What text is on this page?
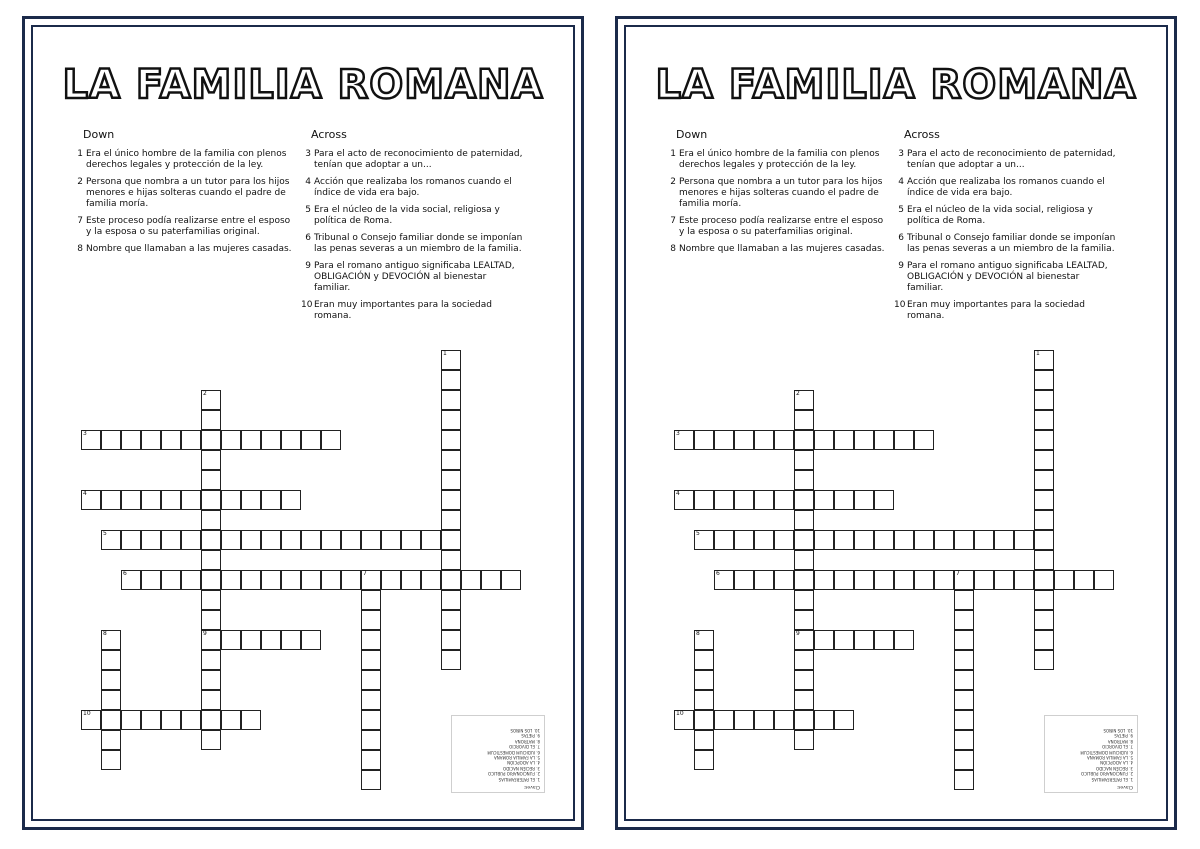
LA FAMILIA ROMANA
Down
1 Era el único hombre de la familia con plenos derechos legales y protección de la ley.
2 Persona que nombra a un tutor para los hijos menores e hijas solteras cuando el padre de familia moría.
7 Este proceso podía realizarse entre el esposo y la esposa o su paterfamilias original.
8 Nombre que llamaban a las mujeres casadas.
Across
3 Para el acto de reconocimiento de paternidad, tenían que adoptar a un...
4 Acción que realizaba los romanos cuando el índice de vida era bajo.
5 Era el núcleo de la vida social, religiosa y política de Roma.
6 Tribunal o Consejo familiar donde se imponían las penas severas a un miembro de la familia.
9 Para el romano antiguo significaba LEALTAD, OBLIGACIÓN y DEVOCIÓN al bienestar familiar.
10 Eran muy importantes para la sociedad romana.
1
2
9
3
4
5
6	7
8
10
Claves:
1. EL PATERFAMILIAS
2. FUNCIONARIO PÚBLICO
3. RECIÉN NACIDO
4. LA ADOPCIÓN
5. LA FAMILIA ROMANA
6. IUDICIUM DOMESTICUM
7. EL DIVORCIO
8. MATRONA
9. PIETAS
10. LOS NIÑOS
LA FAMILIA ROMANA
Down
1 Era el único hombre de la familia con plenos derechos legales y protección de la ley.
2 Persona que nombra a un tutor para los hijos menores e hijas solteras cuando el padre de familia moría.
7 Este proceso podía realizarse entre el esposo y la esposa o su paterfamilias original.
8 Nombre que llamaban a las mujeres casadas.
Across
3 Para el acto de reconocimiento de paternidad, tenían que adoptar a un...
4 Acción que realizaba los romanos cuando el índice de vida era bajo.
5 Era el núcleo de la vida social, religiosa y política de Roma.
6 Tribunal o Consejo familiar donde se imponían las penas severas a un miembro de la familia.
9 Para el romano antiguo significaba LEALTAD, OBLIGACIÓN y DEVOCIÓN al bienestar familiar.
10 Eran muy importantes para la sociedad romana.
1
2
9
3
4
5
6	7
8
10
Claves:
1. EL PATERFAMILIAS
2. FUNCIONARIO PÚBLICO
3. RECIÉN NACIDO
4. LA ADOPCIÓN
5. LA FAMILIA ROMANA
6. IUDICIUM DOMESTICUM
7. EL DIVORCIO
8. MATRONA
9. PIETAS
10. LOS NIÑOS
